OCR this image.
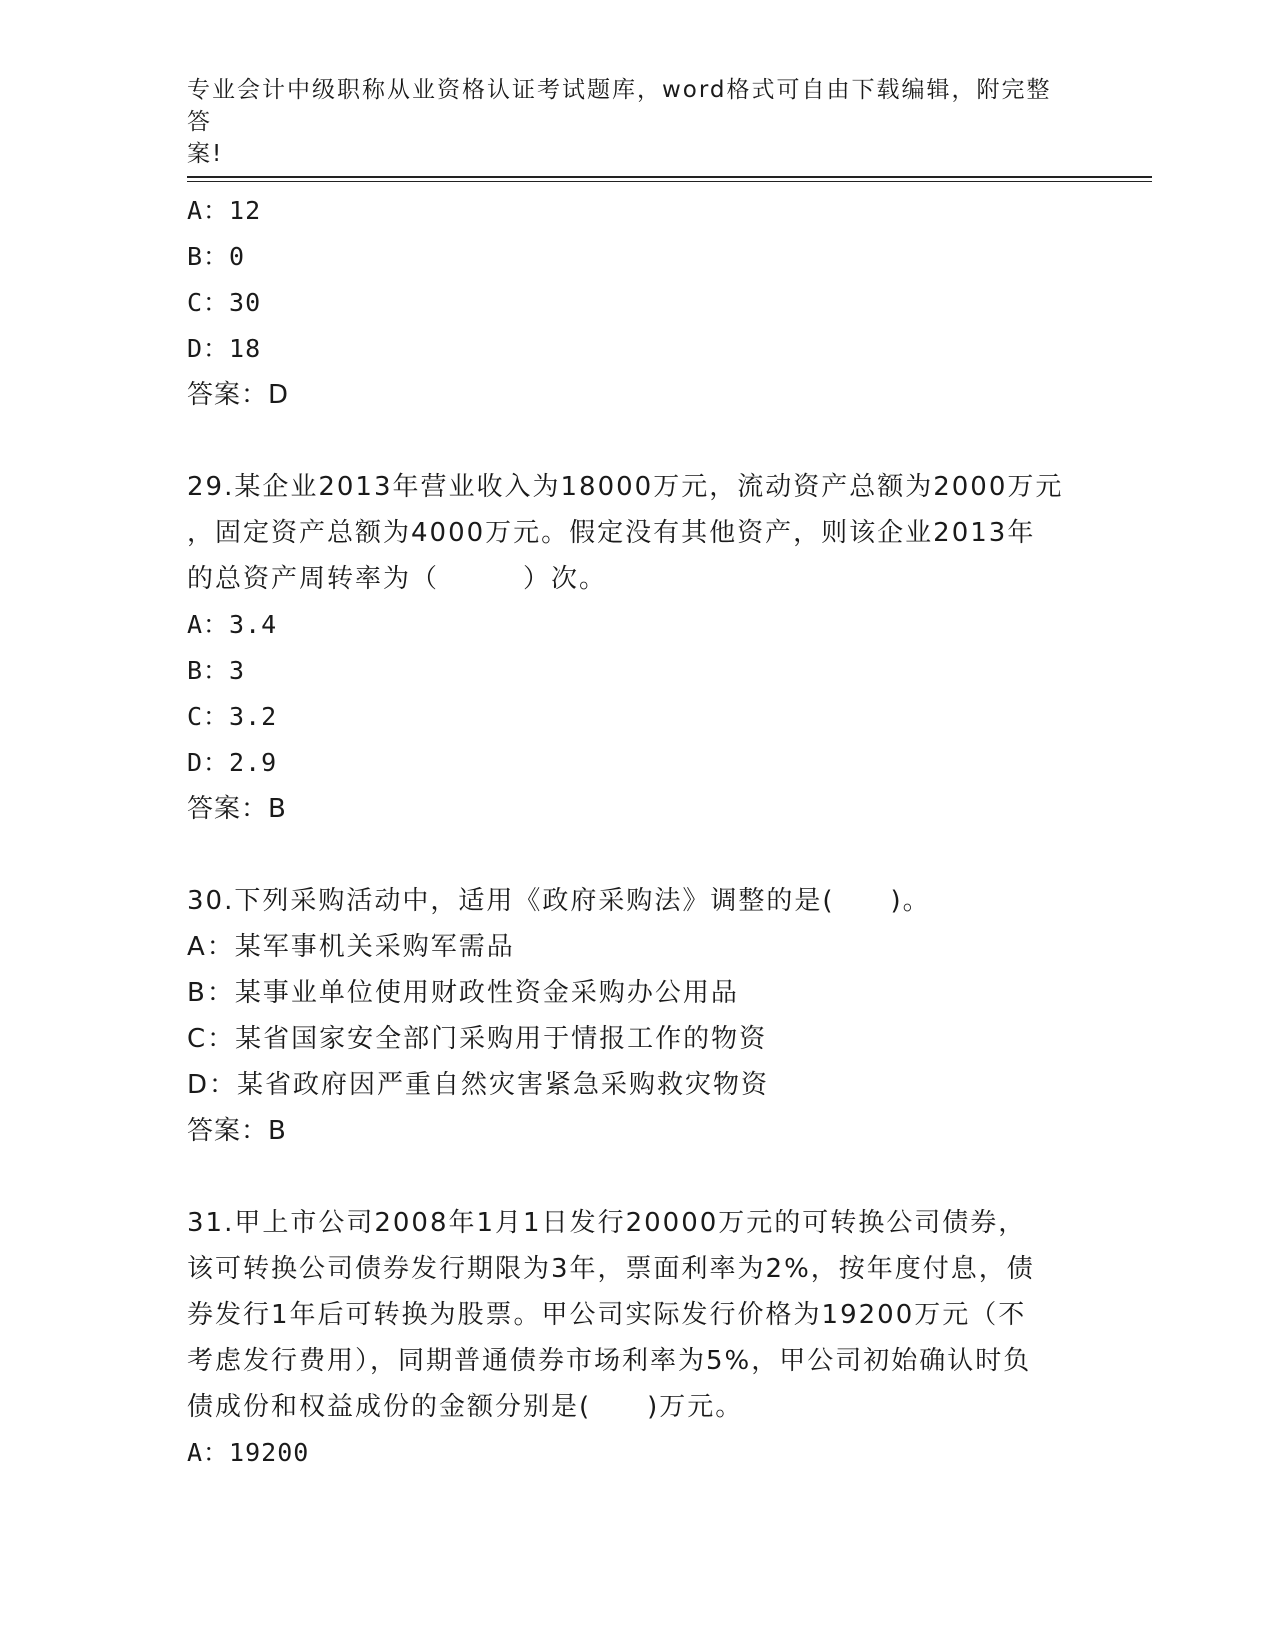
专业会计中级职称从业资格认证考试题库，word格式可自由下载编辑，附完整答
案!
A：12
B：0
C：30
D：18
答案：D
29.某企业2013年营业收入为18000万元，流动资产总额为2000万元
，固定资产总额为4000万元。假定没有其他资产，则该企业2013年
的总资产周转率为（　　　）次。
A：3.4
B：3
C：3.2
D：2.9
答案：B
30.下列采购活动中，适用《政府采购法》调整的是(　　)。
A：某军事机关采购军需品
B：某事业单位使用财政性资金采购办公用品
C：某省国家安全部门采购用于情报工作的物资
D：某省政府因严重自然灾害紧急采购救灾物资
答案：B
31.甲上市公司2008年1月1日发行20000万元的可转换公司债券，
该可转换公司债券发行期限为3年，票面利率为2%，按年度付息，债
券发行1年后可转换为股票。甲公司实际发行价格为19200万元（不
考虑发行费用），同期普通债券市场利率为5%，甲公司初始确认时负
债成份和权益成份的金额分别是(　　)万元。
A：19200
